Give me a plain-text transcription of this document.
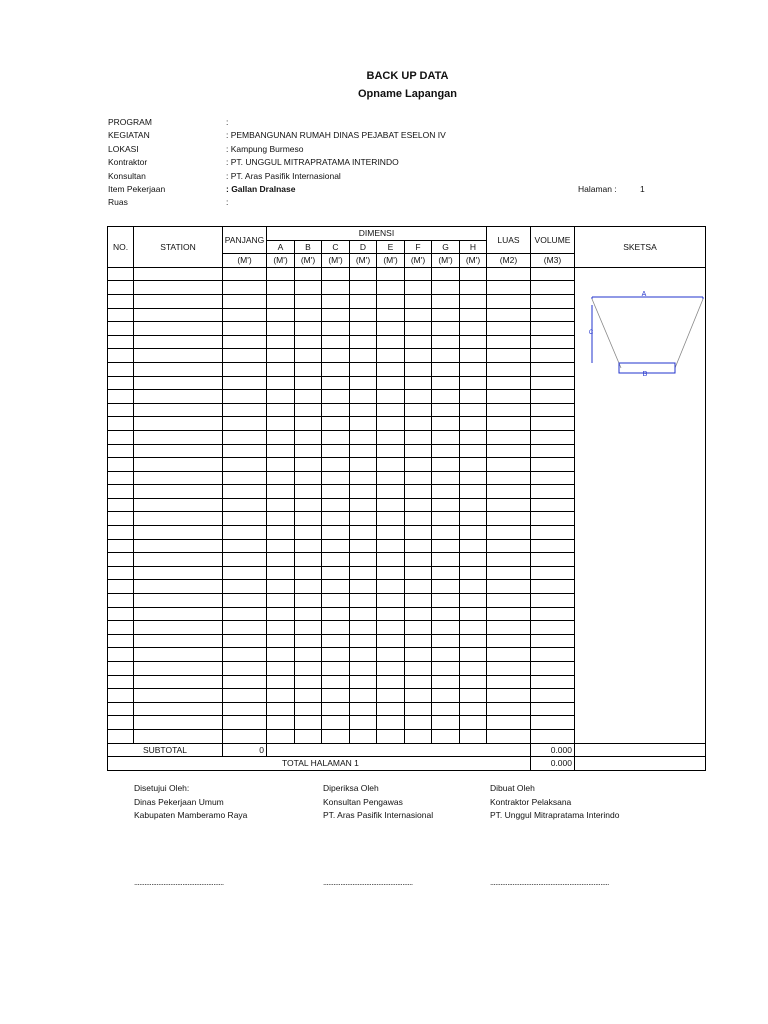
BACK UP DATA
Opname Lapangan
PROGRAM	:
KEGIATAN	: PEMBANGUNAN RUMAH DINAS PEJABAT ESELON IV
LOKASI	: Kampung Burmeso
Kontraktor	: PT. UNGGUL MITRAPRATAMA INTERINDO
Konsultan	: PT. Aras Pasifik Internasional
Item Pekerjaan	: Gallan Dralnase
Ruas	:
Halaman :	1
NO.	STATION	PANJANG	DIMENSI								LUAS	VOLUME	SKETSA
			A	B	C	D	E	F	G	H			
		(M')	(M')	(M')	(M')	(M')	(M')	(M')	(M')	(M')	(M2)	(M3)	

SUBTOTAL		0										0.000	
TOTAL HALAMAN 1												0.000	
A
B
C
Disetujui Oleh:
Dinas Pekerjaan Umum
Kabupaten Mamberamo Raya
Diperiksa Oleh
Konsultan Pengawas
PT. Aras Pasifik Internasional
Dibuat Oleh
Kontraktor Pelaksana
PT. Unggul Mitrapratama Interindo
....................................................	....................................................	.....................................................................
